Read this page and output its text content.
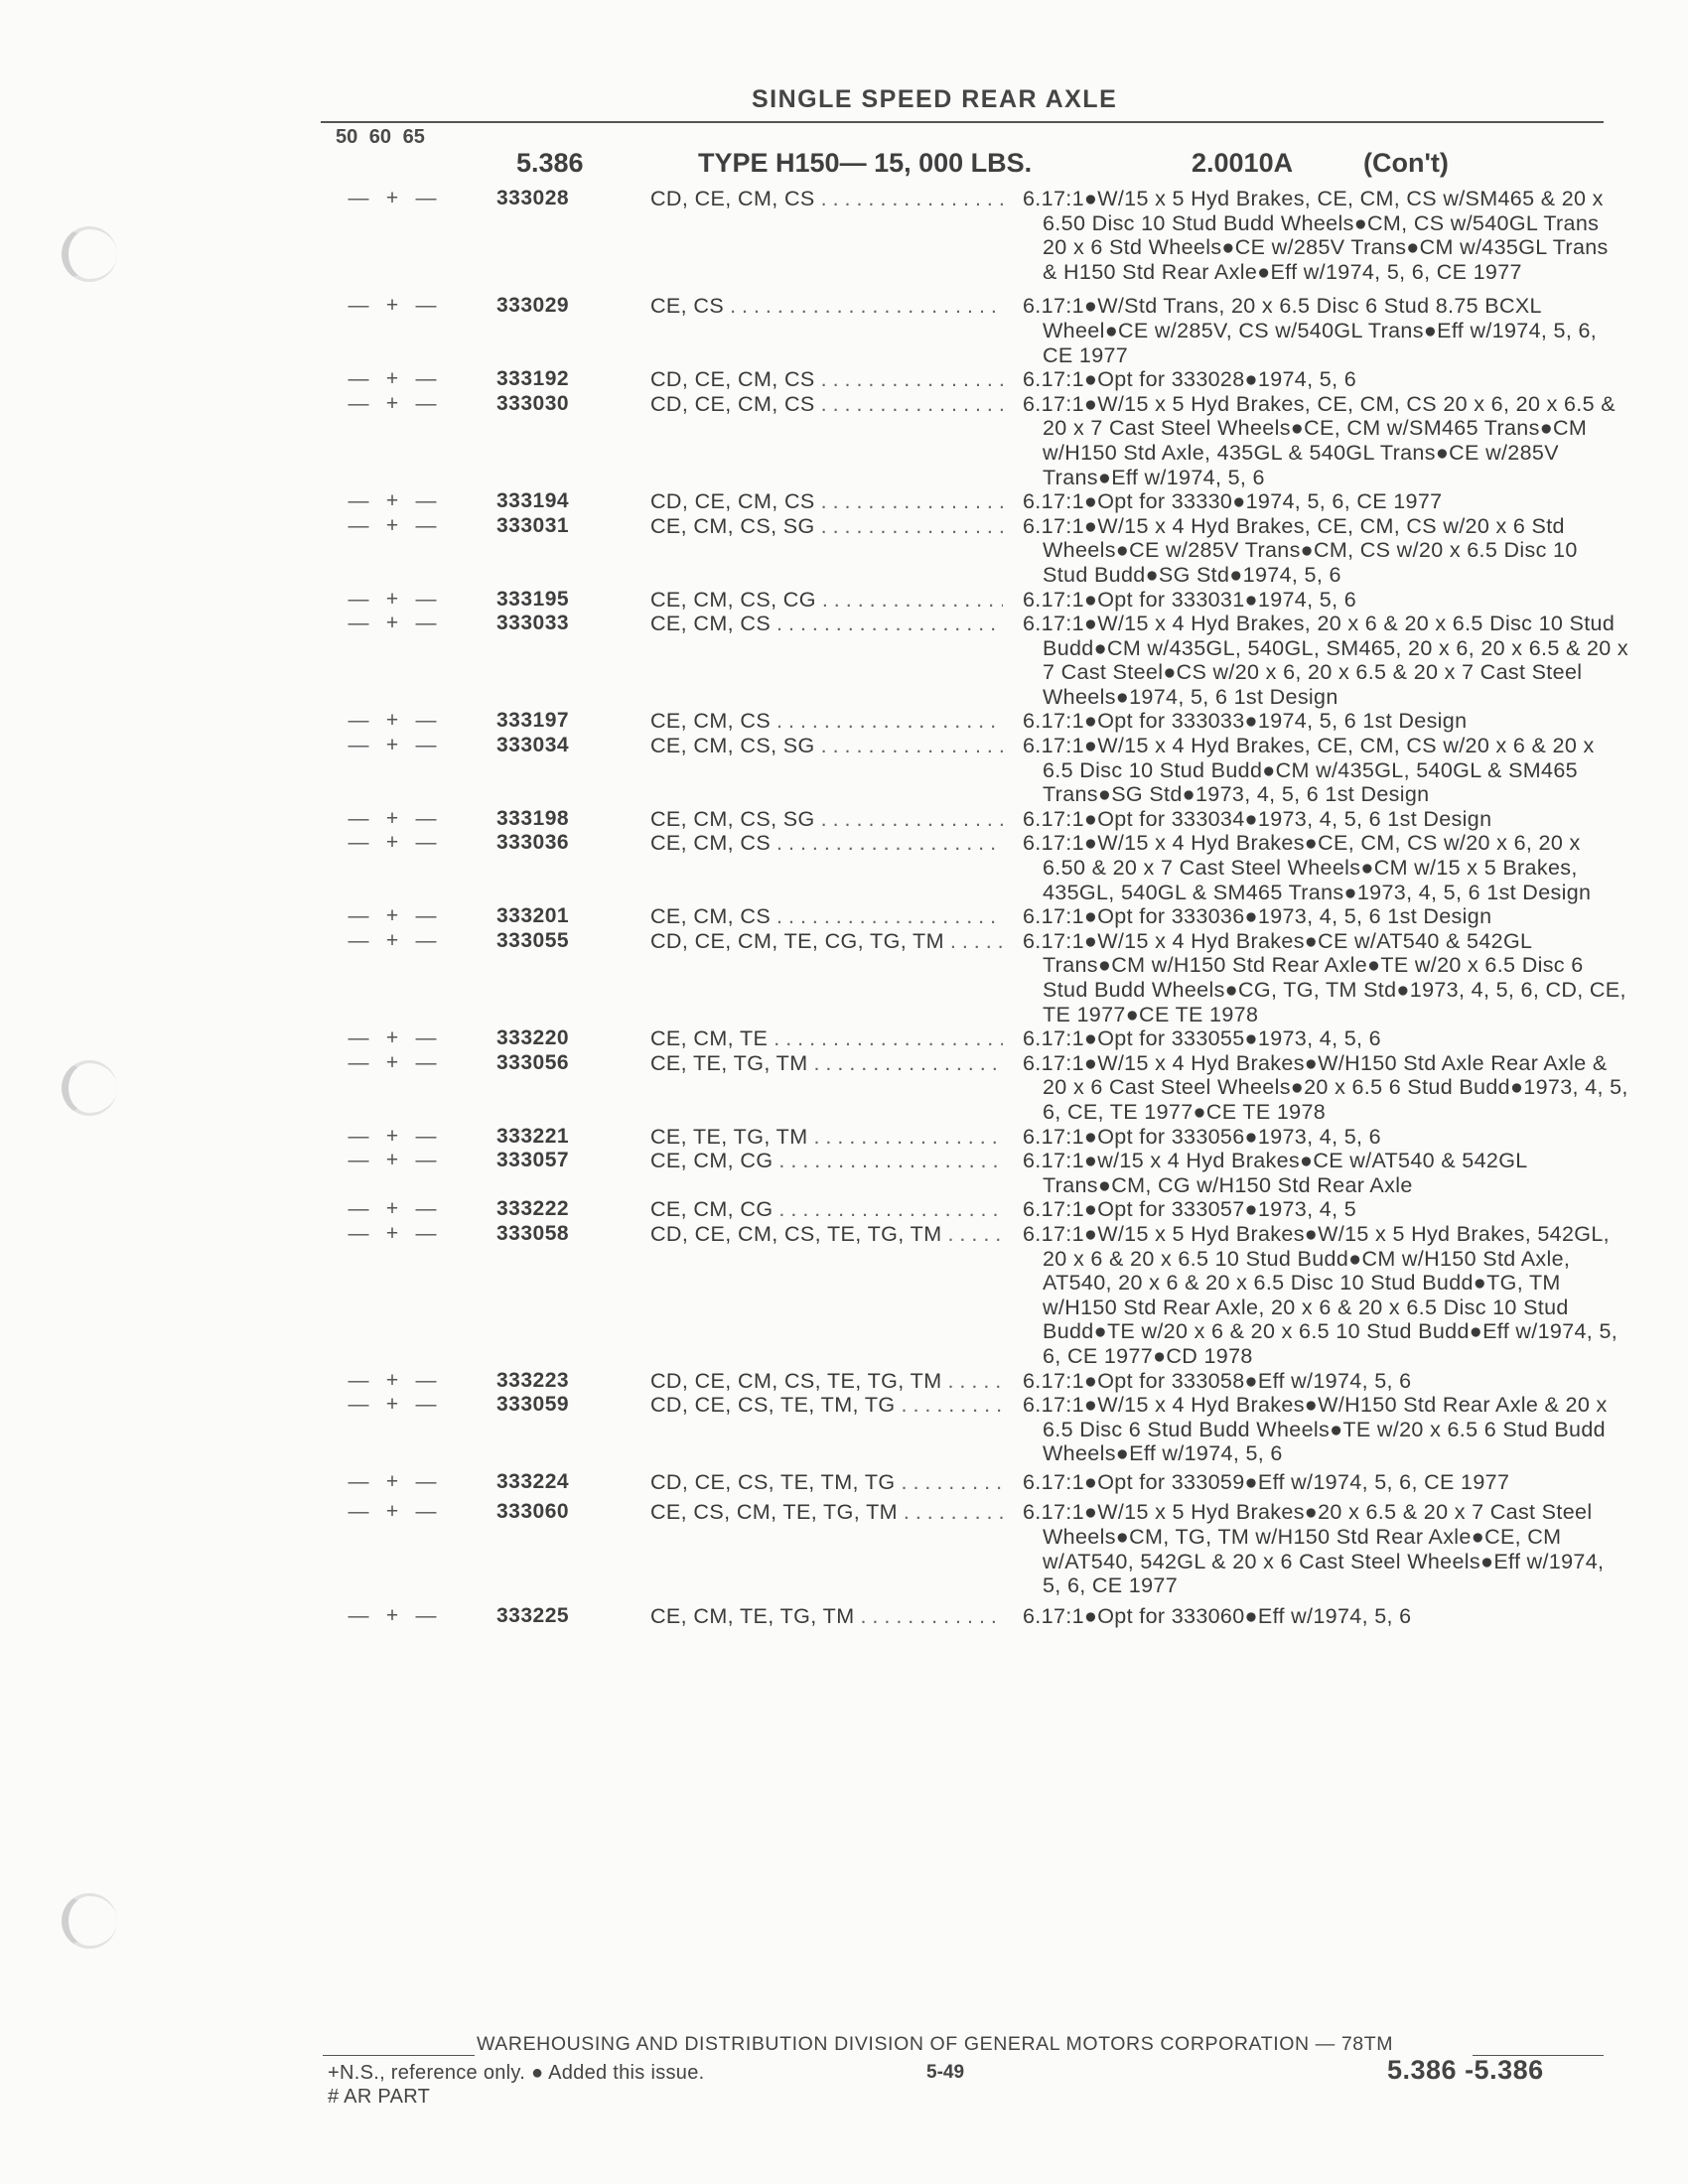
SINGLE SPEED REAR AXLE
50 60 65
5.386	TYPE H150— 15, 000 LBS.	2.0010A	(Con't)
— + —	333028	CD, CE, CM, CS . . .	6.17:1●W/15 x 5 Hyd Brakes, CE, CM, CS w/SM465 & 20 x 6.50 Disc 10 Stud Budd Wheels●CM, CS w/540GL Trans 20 x 6 Std Wheels●CE w/285V Trans●CM w/435GL Trans & H150 Std Rear Axle●Eff w/1974, 5, 6, CE 1977
— + —	333029	CE, CS . . .	6.17:1●W/Std Trans, 20 x 6.5 Disc 6 Stud 8.75 BCXL Wheel●CE w/285V, CS w/540GL Trans●Eff w/1974, 5, 6, CE 1977
— + —	333192	CD, CE, CM, CS . . .	6.17:1●Opt for 333028●1974, 5, 6
— + —	333030	CD, CE, CM, CS . . .	6.17:1●W/15 x 5 Hyd Brakes, CE, CM, CS 20 x 6, 20 x 6.5 & 20 x 7 Cast Steel Wheels●CE, CM w/SM465 Trans●CM w/H150 Std Axle, 435GL & 540GL Trans●CE w/285V Trans●Eff w/1974, 5, 6
— + —	333194	CD, CE, CM, CS . . .	6.17:1●Opt for 33330●1974, 5, 6, CE 1977
— + —	333031	CE, CM, CS, SG . . .	6.17:1●W/15 x 4 Hyd Brakes, CE, CM, CS w/20 x 6 Std Wheels●CE w/285V Trans●CM, CS w/20 x 6.5 Disc 10 Stud Budd●SG Std●1974, 5, 6
— + —	333195	CE, CM, CS, CG . . .	6.17:1●Opt for 333031●1974, 5, 6
— + —	333033	CE, CM, CS . . .	6.17:1●W/15 x 4 Hyd Brakes, 20 x 6 & 20 x 6.5 Disc 10 Stud Budd●CM w/435GL, 540GL, SM465, 20 x 6, 20 x 6.5 & 20 x 7 Cast Steel●CS w/20 x 6, 20 x 6.5 & 20 x 7 Cast Steel Wheels●1974, 5, 6 1st Design
— + —	333197	CE, CM, CS . . .	6.17:1●Opt for 333033●1974, 5, 6 1st Design
— + —	333034	CE, CM, CS, SG . . .	6.17:1●W/15 x 4 Hyd Brakes, CE, CM, CS w/20 x 6 & 20 x 6.5 Disc 10 Stud Budd●CM w/435GL, 540GL & SM465 Trans●SG Std●1973, 4, 5, 6 1st Design
— + —	333198	CE, CM, CS, SG . . .	6.17:1●Opt for 333034●1973, 4, 5, 6 1st Design
— + —	333036	CE, CM, CS . . .	6.17:1●W/15 x 4 Hyd Brakes●CE, CM, CS w/20 x 6, 20 x 6.50 & 20 x 7 Cast Steel Wheels●CM w/15 x 5 Brakes, 435GL, 540GL & SM465 Trans●1973, 4, 5, 6 1st Design
— + —	333201	CE, CM, CS . . .	6.17:1●Opt for 333036●1973, 4, 5, 6 1st Design
— + —	333055	CD, CE, CM, TE, CG, TG, TM . . .	6.17:1●W/15 x 4 Hyd Brakes●CE w/AT540 & 542GL Trans●CM w/H150 Std Rear Axle●TE w/20 x 6.5 Disc 6 Stud Budd Wheels●CG, TG, TM Std●1973, 4, 5, 6, CD, CE, TE 1977●CE TE 1978
— + —	333220	CE, CM, TE . . .	6.17:1●Opt for 333055●1973, 4, 5, 6
— + —	333056	CE, TE, TG, TM . . .	6.17:1●W/15 x 4 Hyd Brakes●W/H150 Std Axle Rear Axle & 20 x 6 Cast Steel Wheels●20 x 6.5 6 Stud Budd●1973, 4, 5, 6, CE, TE 1977●CE TE 1978
— + —	333221	CE, TE, TG, TM . . .	6.17:1●Opt for 333056●1973, 4, 5, 6
— + —	333057	CE, CM, CG . . .	6.17:1●w/15 x 4 Hyd Brakes●CE w/AT540 & 542GL Trans●CM, CG w/H150 Std Rear Axle
— + —	333222	CE, CM, CG . . .	6.17:1●Opt for 333057●1973, 4, 5
— + —	333058	CD, CE, CM, CS, TE, TG, TM . . .	6.17:1●W/15 x 5 Hyd Brakes●W/15 x 5 Hyd Brakes, 542GL, 20 x 6 & 20 x 6.5 10 Stud Budd●CM w/H150 Std Axle, AT540, 20 x 6 & 20 x 6.5 Disc 10 Stud Budd●TG, TM w/H150 Std Rear Axle, 20 x 6 & 20 x 6.5 Disc 10 Stud Budd●TE w/20 x 6 & 20 x 6.5 10 Stud Budd●Eff w/1974, 5, 6, CE 1977●CD 1978
— + —	333223	CD, CE, CM, CS, TE, TG, TM . . .	6.17:1●Opt for 333058●Eff w/1974, 5, 6
— + —	333059	CD, CE, CS, TE, TM, TG . . .	6.17:1●W/15 x 4 Hyd Brakes●W/H150 Std Rear Axle & 20 x 6.5 Disc 6 Stud Budd Wheels●TE w/20 x 6.5 6 Stud Budd Wheels●Eff w/1974, 5, 6
— + —	333224	CD, CE, CS, TE, TM, TG . . .	6.17:1●Opt for 333059●Eff w/1974, 5, 6, CE 1977
— + —	333060	CE, CS, CM, TE, TG, TM . . .	6.17:1●W/15 x 5 Hyd Brakes●20 x 6.5 & 20 x 7 Cast Steel Wheels●CM, TG, TM w/H150 Std Rear Axle●CE, CM w/AT540, 542GL & 20 x 6 Cast Steel Wheels●Eff w/1974, 5, 6, CE 1977
— + —	333225	CE, CM, TE, TG, TM . . .	6.17:1●Opt for 333060●Eff w/1974, 5, 6
WAREHOUSING AND DISTRIBUTION DIVISION OF GENERAL MOTORS CORPORATION — 78TM
+N.S., reference only. ● Added this issue.
# AR PART
5-49	5.386 -5.386
